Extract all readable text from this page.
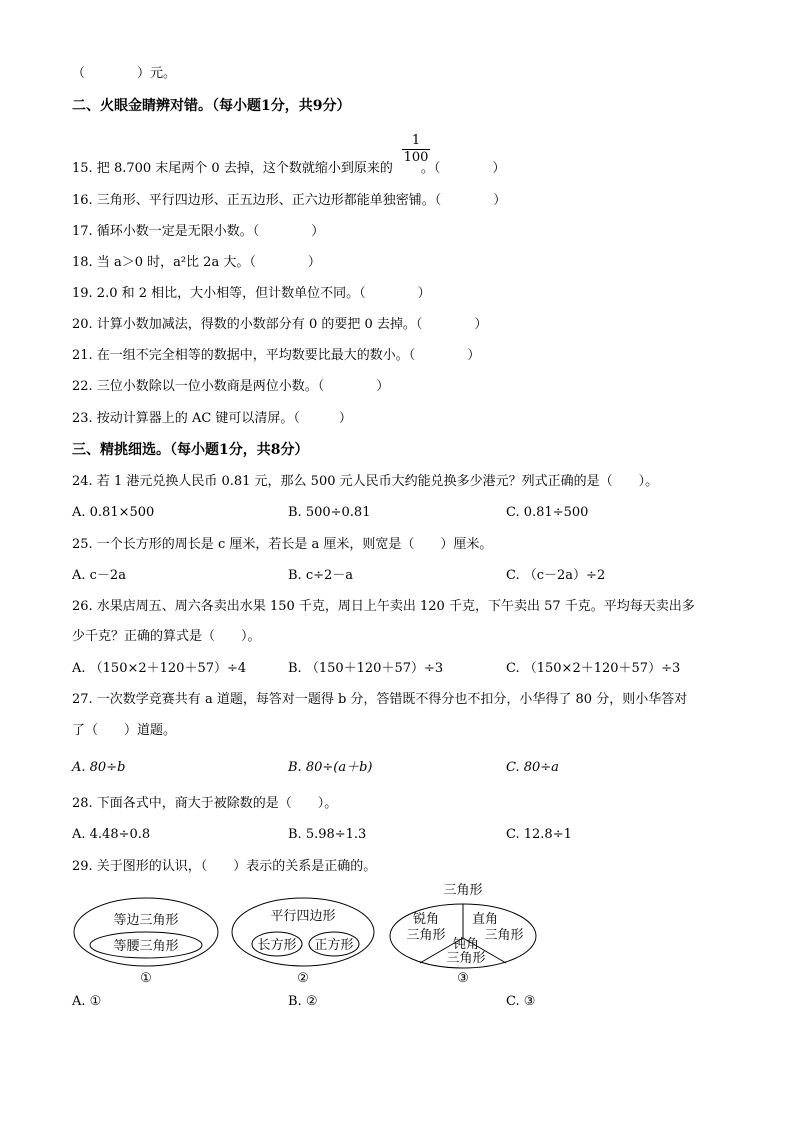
（　　　　）元。
二、火眼金睛辨对错。（每小题1分，共9分）
15. 把 8.700 末尾两个 0 去掉，这个数就缩小到原来的 。（　　　　）
1
100
16. 三角形、平行四边形、正五边形、正六边形都能单独密铺。（　　　　）
17. 循环小数一定是无限小数。（　　　　）
18. 当 a＞0 时，a²比 2a 大。（　　　　）
19. 2.0 和 2 相比，大小相等，但计数单位不同。（　　　　）
20. 计算小数加减法，得数的小数部分有 0 的要把 0 去掉。（　　　　）
21. 在一组不完全相等的数据中，平均数要比最大的数小。（　　　　）
22. 三位小数除以一位小数商是两位小数。（　　　　）
23. 按动计算器上的 AC 键可以清屏。（　　　）
三、精挑细选。（每小题1分，共8分）
24. 若 1 港元兑换人民币 0.81 元，那么 500 元人民币大约能兑换多少港元？列式正确的是（　　）。
A. 0.81×500	B. 500÷0.81	C. 0.81÷500
25. 一个长方形的周长是 c 厘米，若长是 a 厘米，则宽是（　　）厘米。
A. c－2a	B. c÷2－a	C. （c－2a）÷2
26. 水果店周五、周六各卖出水果 150 千克，周日上午卖出 120 千克，下午卖出 57 千克。平均每天卖出多
少千克？正确的算式是（　　）。
A. （150×2＋120＋57）÷4	B. （150＋120＋57）÷3	C. （150×2＋120＋57）÷3
27. 一次数学竞赛共有 a 道题，每答对一题得 b 分，答错既不得分也不扣分，小华得了 80 分，则小华答对
了（　　）道题。
A. 80÷b	B. 80÷(a＋b)	C. 80÷a
28. 下面各式中，商大于被除数的是（　　）。
A. 4.48÷0.8	B. 5.98÷1.3	C. 12.8÷1
29. 关于图形的认识，（　　）表示的关系是正确的。
等边三角形
等腰三角形
①
平行四边形
长方形 正方形
②
三角形
锐角
三角形
直角
三角形
钝角
三角形
③
A. ①	B. ②	C. ③
